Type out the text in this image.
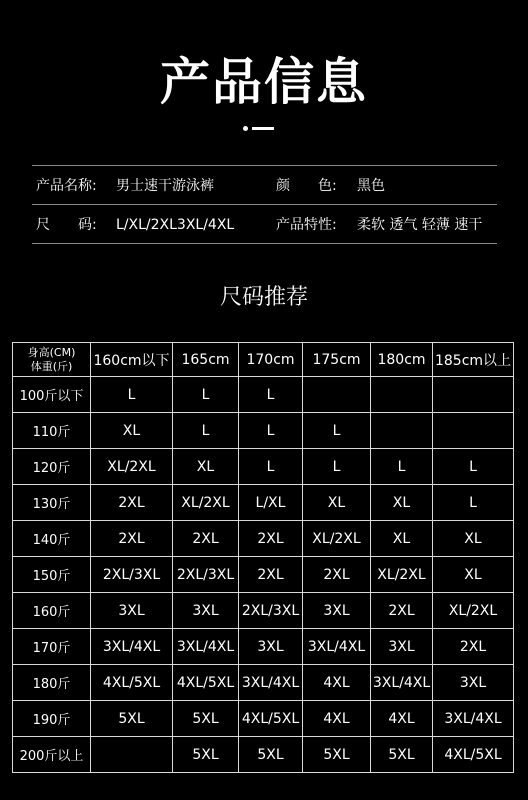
产品信息
产品名称: 男士速干游泳裤	颜　　色: 黑色
尺　　码: L/XL/2XL3XL/4XL	产品特性: 柔软 透气 轻薄 速干
尺码推荐
身高(CM)
体重(斤)	160cm以下	165cm	170cm	175cm	180cm	185cm以上
100斤以下	L	L	L			
110斤	XL	L	L	L		
120斤	XL/2XL	XL	L	L	L	L
130斤	2XL	XL/2XL	L/XL	XL	XL	L
140斤	2XL	2XL	2XL	XL/2XL	XL	XL
150斤	2XL/3XL	2XL/3XL	2XL	2XL	XL/2XL	XL
160斤	3XL	3XL	2XL/3XL	3XL	2XL	XL/2XL
170斤	3XL/4XL	3XL/4XL	3XL	3XL/4XL	3XL	2XL
180斤	4XL/5XL	4XL/5XL	3XL/4XL	4XL	3XL/4XL	3XL
190斤	5XL	5XL	4XL/5XL	4XL	4XL	3XL/4XL
200斤以上		5XL	5XL	5XL	5XL	4XL/5XL
